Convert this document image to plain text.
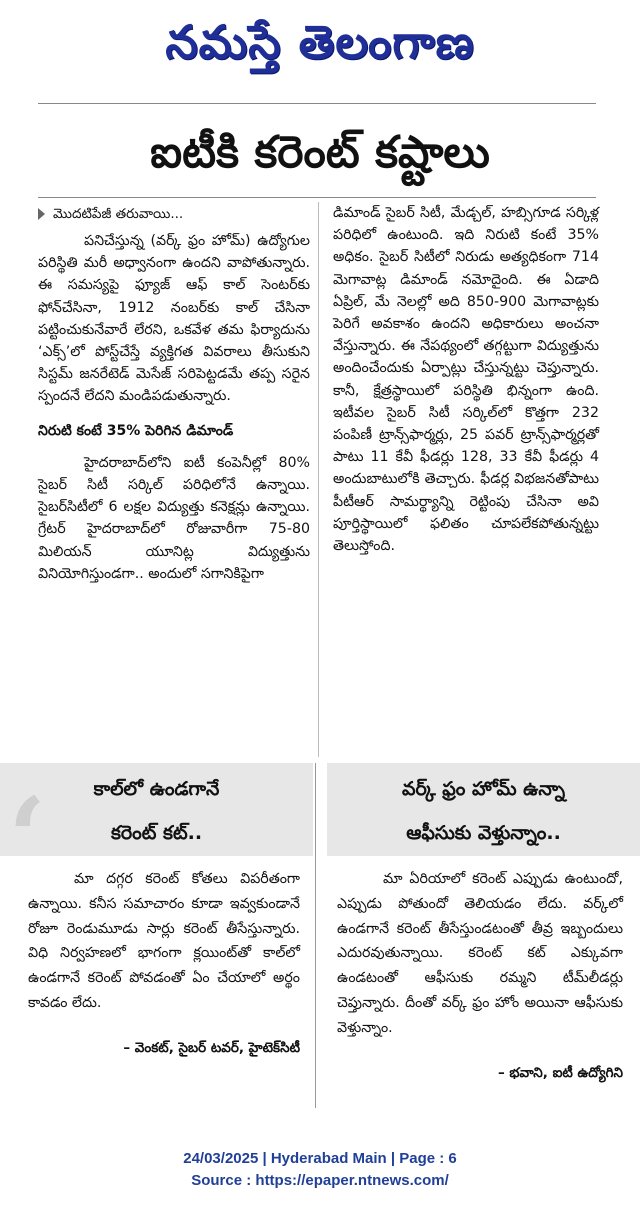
నమస్తే తెలంగాణ
ఐటీకి కరెంట్ కష్టాలు
మొదటిపేజీ తరువాయి...

పనిచేస్తున్న (వర్క్ ఫ్రం హోమ్) ఉద్యోగుల పరిస్థితి మరీ అధ్వానంగా ఉందని వాపోతున్నారు. ఈ సమస్యపై ఫ్యూజ్ ఆఫ్ కాల్ సెంటర్‌కు ఫోన్‌చేసినా, 1912 నంబర్‌కు కాల్ చేసినా పట్టించుకునేవారే లేరని, ఒకవేళ తమ ఫిర్యాదును ‘ఎక్స్’లో పోస్ట్‌చేస్తే వ్యక్తిగత వివరాలు తీసుకుని సిస్టమ్ జనరేటెడ్ మెసేజ్ సరిపెట్టడమే తప్ప సరైన స్పందనే లేదని మండిపడుతున్నారు.

నిరుటి కంటే 35% పెరిగిన డిమాండ్

హైదరాబాద్‌లోని ఐటీ కంపెనీల్లో 80% సైబర్ సిటీ సర్కిల్ పరిధిలోనే ఉన్నాయి. సైబర్‌సిటీలో 6 లక్షల విద్యుత్తు కనెక్షన్లు ఉన్నాయి. గ్రేటర్ హైదరాబాద్‌లో రోజువారీగా 75-80 మిలియన్ యూనిట్ల విద్యుత్తును వినియోగిస్తుండగా.. అందులో సగానికిపైగా

డిమాండ్ సైబర్ సిటీ, మేడ్చల్, హబ్సిగూడ సర్కిళ్ల పరిధిలో ఉంటుంది. ఇది నిరుటి కంటే 35% అధికం. సైబర్ సిటీలో నిరుడు అత్యధికంగా 714 మెగావాట్ల డిమాండ్ నమోదైంది. ఈ ఏడాది ఏప్రిల్, మే నెలల్లో అది 850-900 మెగావాట్లకు పెరిగే అవకాశం ఉందని అధికారులు అంచనా వేస్తున్నారు. ఈ నేపథ్యంలో తగ్గట్టుగా విద్యుత్తును అందించేందుకు ఏర్పాట్లు చేస్తున్నట్టు చెప్తున్నారు. కానీ, క్షేత్రస్థాయిలో పరిస్థితి భిన్నంగా ఉంది. ఇటీవల సైబర్ సిటీ సర్కిల్‌లో కొత్తగా 232 పంపిణీ ట్రాన్స్‌ఫార్మర్లు, 25 పవర్ ట్రాన్స్‌ఫార్మర్లతో పాటు 11 కేవీ ఫీడర్లు 128, 33 కేవీ ఫీడర్లు 4 అందుబాటులోకి తెచ్చారు. ఫీడర్ల విభజనతోపాటు పీటీఆర్ సామర్థ్యాన్ని రెట్టింపు చేసినా అవి పూర్తిస్థాయిలో ఫలితం చూపలేకపోతున్నట్టు తెలుస్తోంది.

‘	కాల్‌లో ఉండగానే
కరెంట్ కట్..

మా దగ్గర కరెంట్ కోతలు విపరీతంగా ఉన్నాయి. కనీస సమాచారం కూడా ఇవ్వకుండానే రోజూ రెండుమూడు సార్లు కరెంట్ తీసేస్తున్నారు. విధి నిర్వహణలో భాగంగా క్లయింట్‌తో కాల్‌లో ఉండగానే కరెంట్ పోవడంతో ఏం చేయాలో అర్థం కావడం లేదు.

– వెంకట్, సైబర్ టవర్, హైటెక్‌సిటీ
వర్క్ ఫ్రం హోమ్ ఉన్నా
ఆఫీసుకు వెళ్తున్నాం..

మా ఏరియాలో కరెంట్ ఎప్పుడు ఉంటుందో, ఎప్పుడు పోతుందో తెలియడం లేదు. వర్క్‌లో ఉండగానే కరెంట్ తీసేస్తుండటంతో తీవ్ర ఇబ్బందులు ఎదురవుతున్నాయి. కరెంట్ కట్ ఎక్కువగా ఉండటంతో ఆఫీసుకు రమ్మని టీమ్‌లీడర్లు చెప్తున్నారు. దీంతో వర్క్ ఫ్రం హోం అయినా ఆఫీసుకు వెళ్తున్నాం.

– భవాని, ఐటీ ఉద్యోగిని
24/03/2025 | Hyderabad Main | Page : 6
Source : https://epaper.ntnews.com/
